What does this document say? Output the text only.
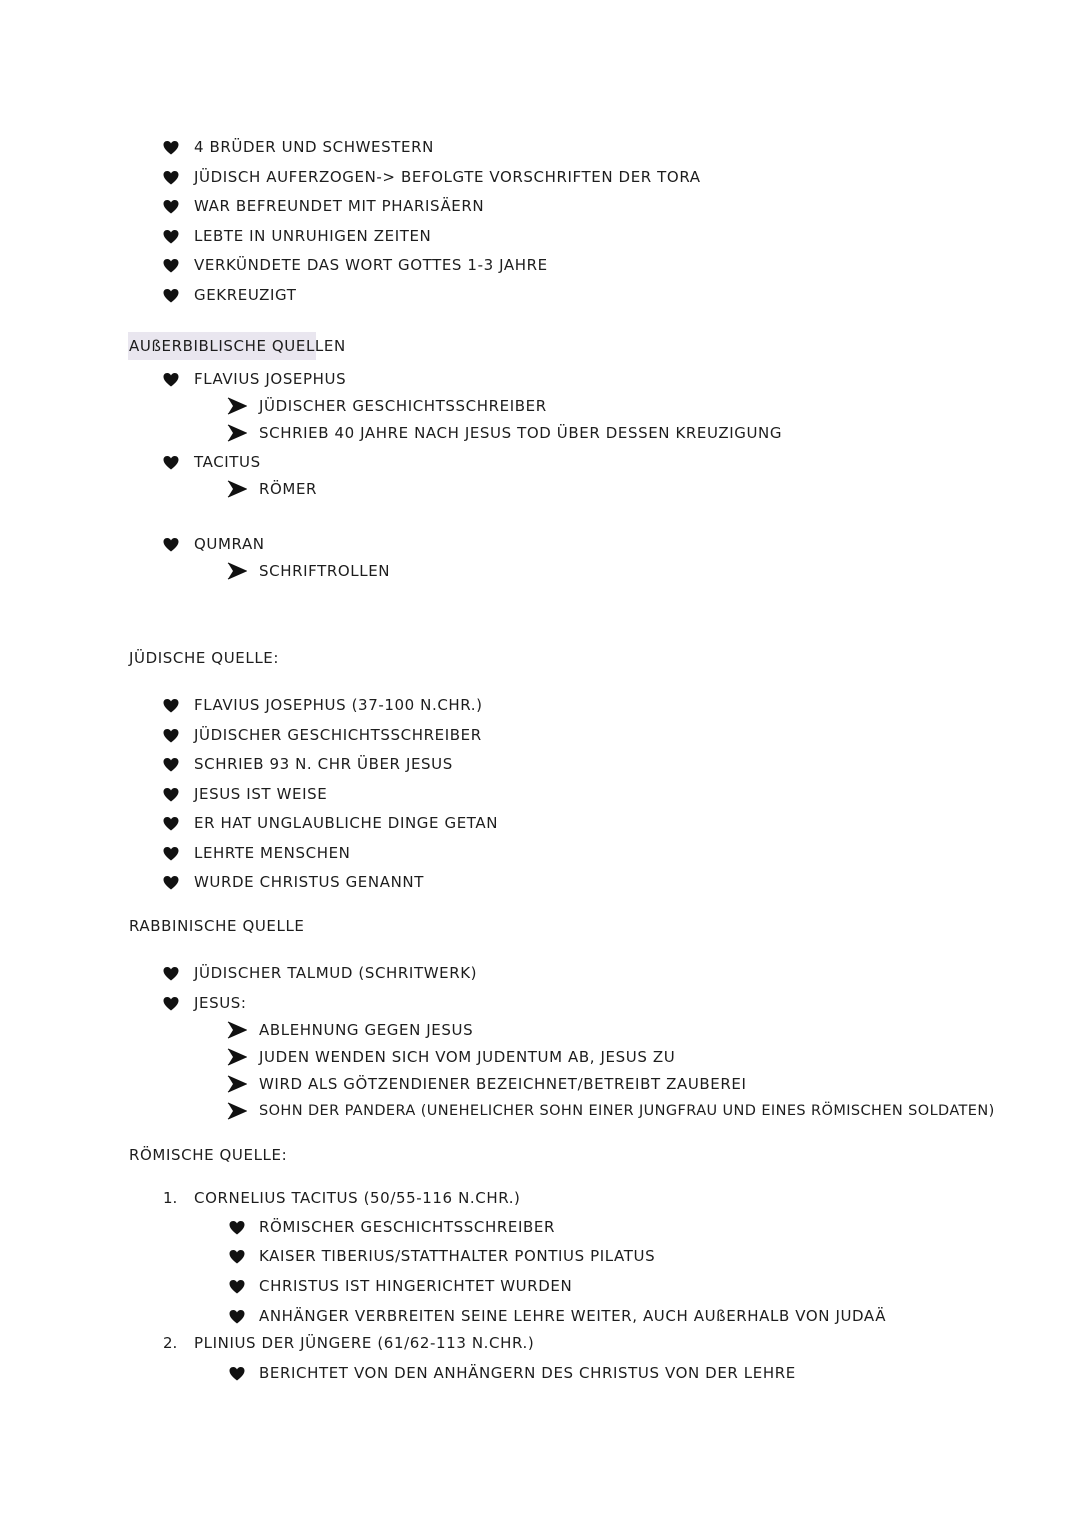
4 BRÜDER UND SCHWESTERN
JÜDISCH AUFERZOGEN-> BEFOLGTE VORSCHRIFTEN DER TORA
WAR BEFREUNDET MIT PHARISÄERN
LEBTE IN UNRUHIGEN ZEITEN
VERKÜNDETE DAS WORT GOTTES 1-3 JAHRE
GEKREUZIGT
AUßERBIBLISCHE QUELLEN
FLAVIUS JOSEPHUS
JÜDISCHER GESCHICHTSSCHREIBER
SCHRIEB 40 JAHRE NACH JESUS TOD ÜBER DESSEN KREUZIGUNG
TACITUS
RÖMER
QUMRAN
SCHRIFTROLLEN
JÜDISCHE QUELLE:
FLAVIUS JOSEPHUS (37-100 N.CHR.)
JÜDISCHER GESCHICHTSSCHREIBER
SCHRIEB 93 N. CHR ÜBER JESUS
JESUS IST WEISE
ER HAT UNGLAUBLICHE DINGE GETAN
LEHRTE MENSCHEN
WURDE CHRISTUS GENANNT
RABBINISCHE QUELLE
JÜDISCHER TALMUD (SCHRITWERK)
JESUS:
ABLEHNUNG GEGEN JESUS
JUDEN WENDEN SICH VOM JUDENTUM AB, JESUS ZU
WIRD ALS GÖTZENDIENER BEZEICHNET/BETREIBT ZAUBEREI
SOHN DER PANDERA (UNEHELICHER SOHN EINER JUNGFRAU UND EINES RÖMISCHEN SOLDATEN)
RÖMISCHE QUELLE:
1. CORNELIUS TACITUS (50/55-116 N.CHR.)
RÖMISCHER GESCHICHTSSCHREIBER
KAISER TIBERIUS/STATTHALTER PONTIUS PILATUS
CHRISTUS IST HINGERICHTET WURDEN
ANHÄNGER VERBREITEN SEINE LEHRE WEITER, AUCH AUßERHALB VON JUDAÄ
2. PLINIUS DER JÜNGERE (61/62-113 N.CHR.)
BERICHTET VON DEN ANHÄNGERN DES CHRISTUS VON DER LEHRE
